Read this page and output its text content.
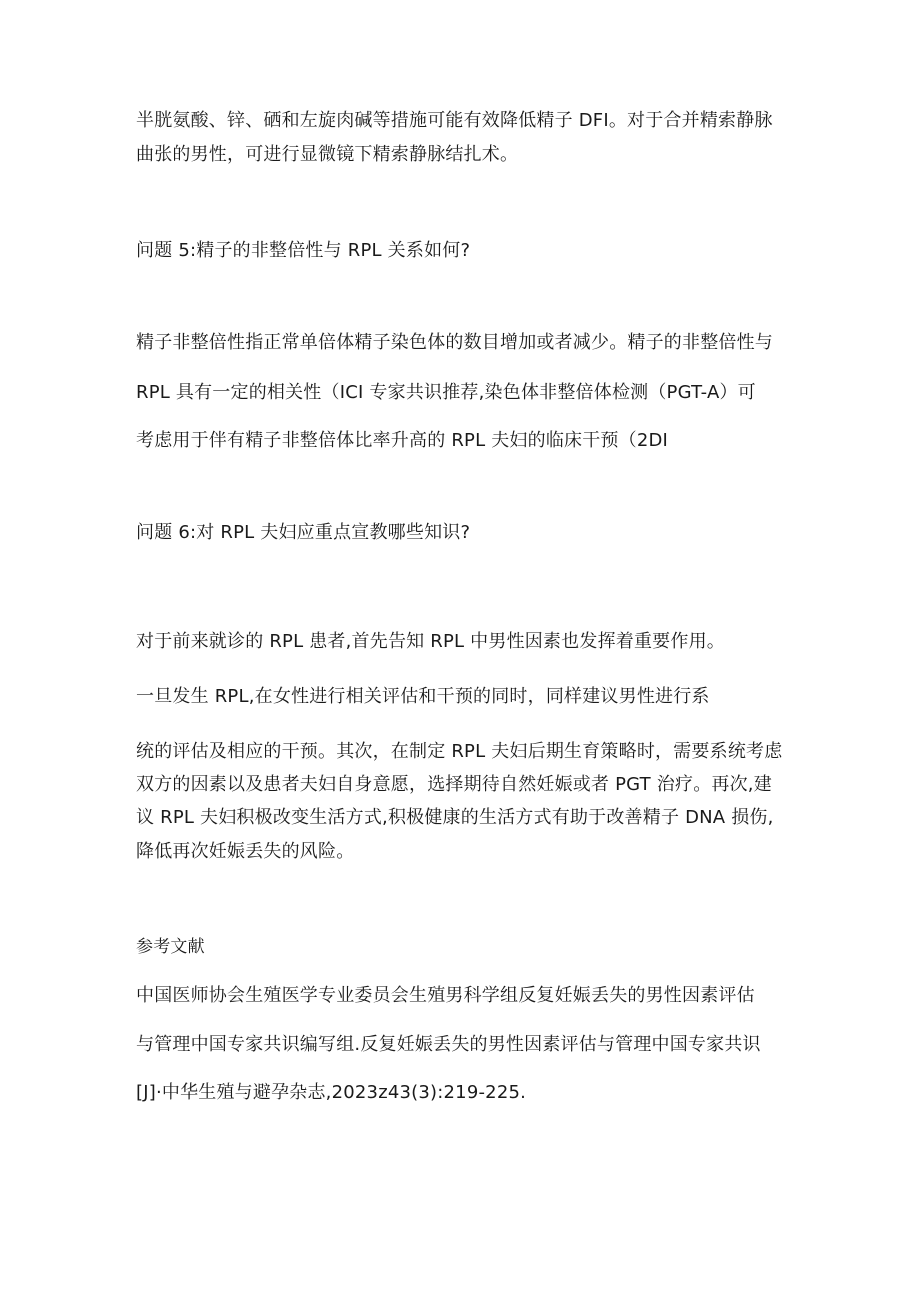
半胱氨酸、锌、硒和左旋肉碱等措施可能有效降低精子 DFI。对于合并精索静脉
曲张的男性，可进行显微镜下精索静脉结扎术。
问题 5:精子的非整倍性与 RPL 关系如何?
精子非整倍性指正常单倍体精子染色体的数目增加或者减少。精子的非整倍性与
RPL 具有一定的相关性（ICI 专家共识推荐,染色体非整倍体检测（PGT-A）可
考虑用于伴有精子非整倍体比率升高的 RPL 夫妇的临床干预（2DI
问题 6:对 RPL 夫妇应重点宣教哪些知识?
对于前来就诊的 RPL 患者,首先告知 RPL 中男性因素也发挥着重要作用。
一旦发生 RPL,在女性进行相关评估和干预的同时，同样建议男性进行系
统的评估及相应的干预。其次，在制定 RPL 夫妇后期生育策略时，需要系统考虑
双方的因素以及患者夫妇自身意愿，选择期待自然妊娠或者 PGT 治疗。再次,建
议 RPL 夫妇积极改变生活方式,积极健康的生活方式有助于改善精子 DNA 损伤,
降低再次妊娠丢失的风险。
参考文献
中国医师协会生殖医学专业委员会生殖男科学组反复妊娠丢失的男性因素评估
与管理中国专家共识编写组.反复妊娠丢失的男性因素评估与管理中国专家共识
[J]·中华生殖与避孕杂志,2023z43(3):219-225.
